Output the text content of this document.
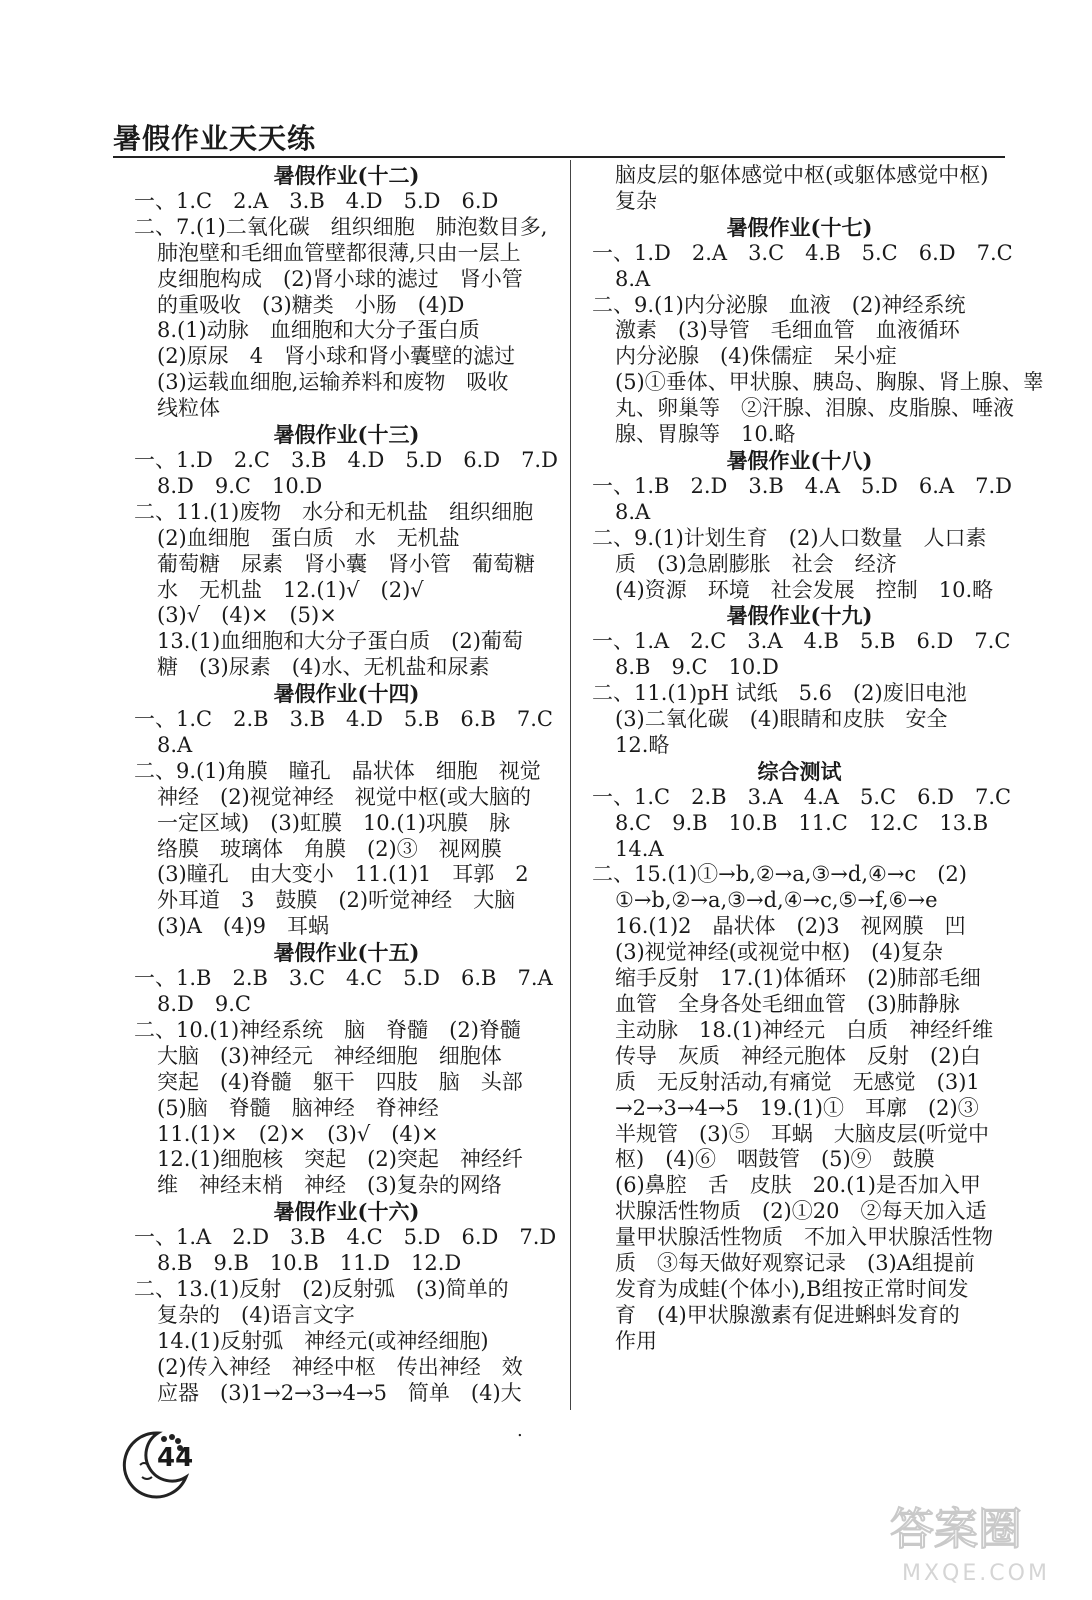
暑假作业天天练
暑假作业(十二)
一、1.C　2.A　3.B　4.D　5.D　6.D
二、7.(1)二氧化碳　组织细胞　肺泡数目多,
肺泡壁和毛细血管壁都很薄,只由一层上
皮细胞构成　(2)肾小球的滤过　肾小管
的重吸收　(3)糖类　小肠　(4)D
8.(1)动脉　血细胞和大分子蛋白质
(2)原尿　4　肾小球和肾小囊壁的滤过
(3)运载血细胞,运输养料和废物　吸收
线粒体
暑假作业(十三)
一、1.D　2.C　3.B　4.D　5.D　6.D　7.D
8.D　9.C　10.D
二、11.(1)废物　水分和无机盐　组织细胞
(2)血细胞　蛋白质　水　无机盐
葡萄糖　尿素　肾小囊　肾小管　葡萄糖
水　无机盐　12.(1)√　(2)√
(3)√　(4)×　(5)×
13.(1)血细胞和大分子蛋白质　(2)葡萄
糖　(3)尿素　(4)水、无机盐和尿素
暑假作业(十四)
一、1.C　2.B　3.B　4.D　5.B　6.B　7.C
8.A
二、9.(1)角膜　瞳孔　晶状体　细胞　视觉
神经　(2)视觉神经　视觉中枢(或大脑的
一定区域)　(3)虹膜　10.(1)巩膜　脉
络膜　玻璃体　角膜　(2)③　视网膜
(3)瞳孔　由大变小　11.(1)1　耳郭　2
外耳道　3　鼓膜　(2)听觉神经　大脑
(3)A　(4)9　耳蜗
暑假作业(十五)
一、1.B　2.B　3.C　4.C　5.D　6.B　7.A
8.D　9.C
二、10.(1)神经系统　脑　脊髓　(2)脊髓
大脑　(3)神经元　神经细胞　细胞体
突起　(4)脊髓　躯干　四肢　脑　头部
(5)脑　脊髓　脑神经　脊神经
11.(1)×　(2)×　(3)√　(4)×
12.(1)细胞核　突起　(2)突起　神经纤
维　神经末梢　神经　(3)复杂的网络
暑假作业(十六)
一、1.A　2.D　3.B　4.C　5.D　6.D　7.D
8.B　9.B　10.B　11.D　12.D
二、13.(1)反射　(2)反射弧　(3)简单的
复杂的　(4)语言文字
14.(1)反射弧　神经元(或神经细胞)
(2)传入神经　神经中枢　传出神经　效
应器　(3)1→2→3→4→5　简单　(4)大
脑皮层的躯体感觉中枢(或躯体感觉中枢)
复杂
暑假作业(十七)
一、1.D　2.A　3.C　4.B　5.C　6.D　7.C
8.A
二、9.(1)内分泌腺　血液　(2)神经系统
激素　(3)导管　毛细血管　血液循环
内分泌腺　(4)侏儒症　呆小症
(5)①垂体、甲状腺、胰岛、胸腺、肾上腺、睾
丸、卵巢等　②汗腺、泪腺、皮脂腺、唾液
腺、胃腺等　10.略
暑假作业(十八)
一、1.B　2.D　3.B　4.A　5.D　6.A　7.D
8.A
二、9.(1)计划生育　(2)人口数量　人口素
质　(3)急剧膨胀　社会　经济
(4)资源　环境　社会发展　控制　10.略
暑假作业(十九)
一、1.A　2.C　3.A　4.B　5.B　6.D　7.C
8.B　9.C　10.D
二、11.(1)pH 试纸　5.6　(2)废旧电池
(3)二氧化碳　(4)眼睛和皮肤　安全
12.略
综合测试
一、1.C　2.B　3.A　4.A　5.C　6.D　7.C
8.C　9.B　10.B　11.C　12.C　13.B
14.A
二、15.(1)①→b,②→a,③→d,④→c　(2)
①→b,②→a,③→d,④→c,⑤→f,⑥→e
16.(1)2　晶状体　(2)3　视网膜　凹
(3)视觉神经(或视觉中枢)　(4)复杂
缩手反射　17.(1)体循环　(2)肺部毛细
血管　全身各处毛细血管　(3)肺静脉
主动脉　18.(1)神经元　白质　神经纤维
传导　灰质　神经元胞体　反射　(2)白
质　无反射活动,有痛觉　无感觉　(3)1
→2→3→4→5　19.(1)①　耳廓　(2)③
半规管　(3)⑤　耳蜗　大脑皮层(听觉中
枢)　(4)⑥　咽鼓管　(5)⑨　鼓膜
(6)鼻腔　舌　皮肤　20.(1)是否加入甲
状腺活性物质　(2)①20　②每天加入适
量甲状腺活性物质　不加入甲状腺活性物
质　③每天做好观察记录　(3)A组提前
发育为成蛙(个体小),B组按正常时间发
育　(4)甲状腺激素有促进蝌蚪发育的
作用
44
.
答案圈
MXQE.COM
